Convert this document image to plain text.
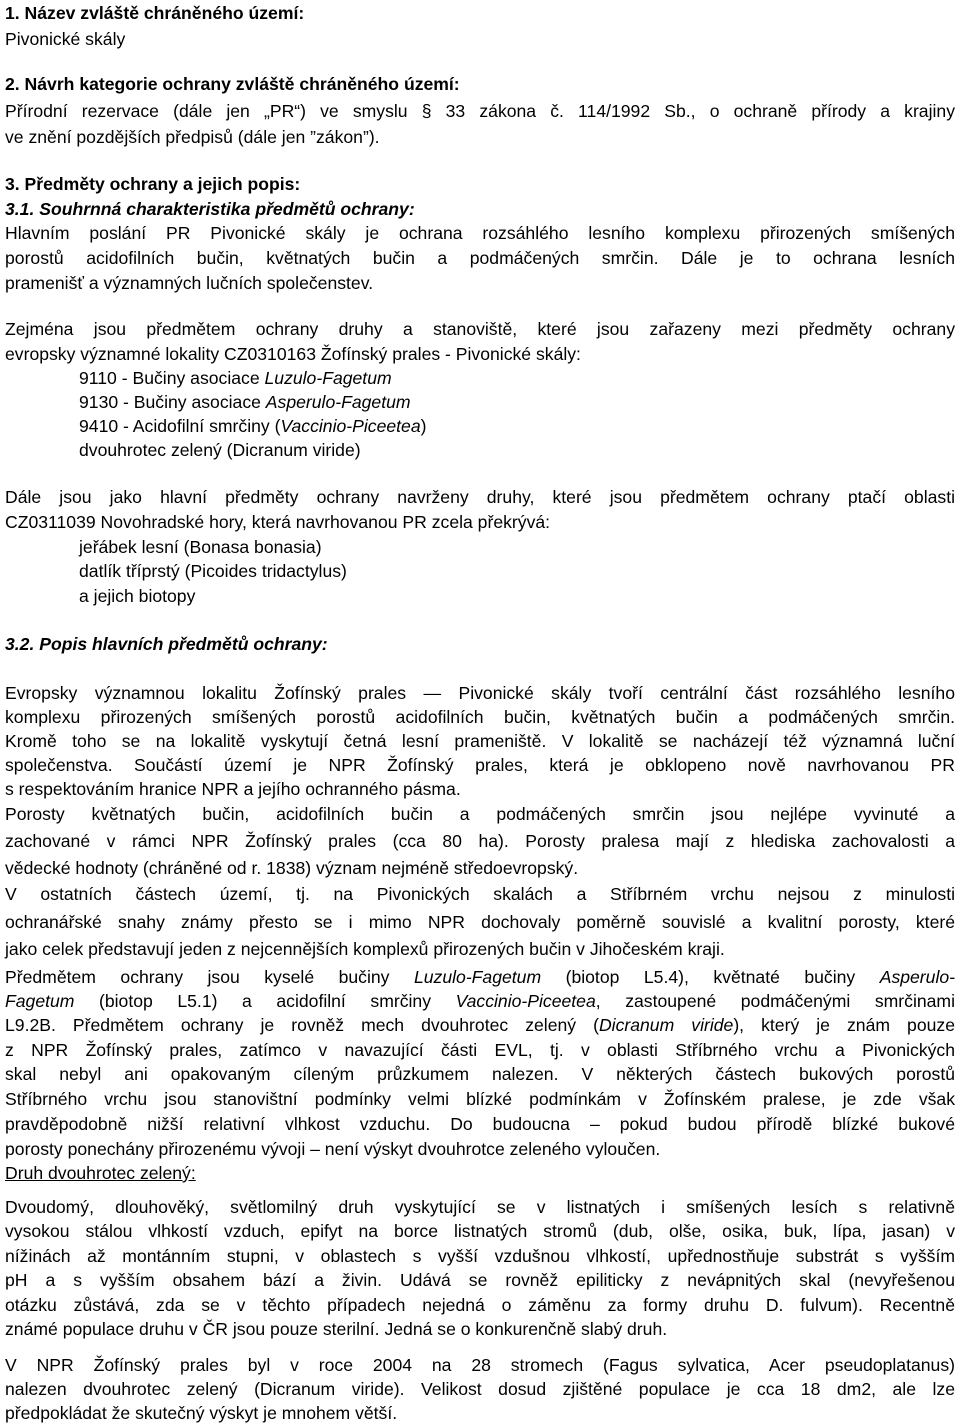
1. Název zvláště chráněného území:

Pivonické skály

2. Návrh kategorie ochrany zvláště chráněného území:

Přírodní rezervace (dále jen „PR“) ve smyslu § 33 zákona č. 114/1992 Sb., o ochraně přírody a krajiny

ve znění pozdějších předpisů (dále jen ”zákon”).

3. Předměty ochrany a jejich popis:

3.1. Souhrnná charakteristika předmětů ochrany:

Hlavním poslání PR Pivonické skály je ochrana rozsáhlého lesního komplexu přirozených smíšených

porostů acidofilních bučin, květnatých bučin a podmáčených smrčin. Dále je to ochrana lesních

pramenišť a významných lučních společenstev.

Zejména jsou předmětem ochrany druhy a stanoviště, které jsou zařazeny mezi předměty ochrany

evropsky významné lokality CZ0310163 Žofínský prales - Pivonické skály:

9110 - Bučiny asociace Luzulo-Fagetum

9130 - Bučiny asociace Asperulo-Fagetum

9410 - Acidofilní smrčiny (Vaccinio-Piceetea)

dvouhrotec zelený (Dicranum viride)

Dále jsou jako hlavní předměty ochrany navrženy druhy, které jsou předmětem ochrany ptačí oblasti

CZ0311039 Novohradské hory, která navrhovanou PR zcela překrývá:

jeřábek lesní (Bonasa bonasia)

datlík tříprstý (Picoides tridactylus)

a jejich biotopy

3.2. Popis hlavních předmětů ochrany:

Evropsky významnou lokalitu Žofínský prales — Pivonické skály tvoří centrální část rozsáhlého lesního

komplexu přirozených smíšených porostů acidofilních bučin, květnatých bučin a podmáčených smrčin.

Kromě toho se na lokalitě vyskytují četná lesní prameniště. V lokalitě se nacházejí též významná luční

společenstva. Součástí území je NPR Žofínský prales, která je obklopeno nově navrhovanou PR

s respektováním hranice NPR a jejího ochranného pásma.

Porosty květnatých bučin, acidofilních bučin a podmáčených smrčin jsou nejlépe vyvinuté a

zachované v rámci NPR Žofínský prales (cca 80 ha). Porosty pralesa mají z hlediska zachovalosti a

vědecké hodnoty (chráněné od r. 1838) význam nejméně středoevropský.

V ostatních částech území, tj. na Pivonických skalách a Stříbrném vrchu nejsou z minulosti

ochranářské snahy známy přesto se i mimo NPR dochovaly poměrně souvislé a kvalitní porosty, které

jako celek představují jeden z nejcennějších komplexů přirozených bučin v Jihočeském kraji.

Předmětem ochrany jsou kyselé bučiny Luzulo-Fagetum (biotop L5.4), květnaté bučiny Asperulo-

Fagetum (biotop L5.1) a acidofilní smrčiny Vaccinio-Piceetea, zastoupené podmáčenými smrčinami

L9.2B. Předmětem ochrany je rovněž mech dvouhrotec zelený (Dicranum viride), který je znám pouze

z NPR Žofínský prales, zatímco v navazující části EVL, tj. v oblasti Stříbrného vrchu a Pivonických

skal nebyl ani opakovaným cíleným průzkumem nalezen. V některých částech bukových porostů

Stříbrného vrchu jsou stanovištní podmínky velmi blízké podmínkám v Žofínském pralese, je zde však

pravděpodobně nižší relativní vlhkost vzduchu. Do budoucna – pokud budou přírodě blízké bukové

porosty ponechány přirozenému vývoji – není výskyt dvouhrotce zeleného vyloučen.

Druh dvouhrotec zelený:

Dvoudomý, dlouhověký, světlomilný druh vyskytující se v listnatých i smíšených lesích s relativně

vysokou stálou vlhkostí vzduch, epifyt na borce listnatých stromů (dub, olše, osika, buk, lípa, jasan) v

nížinách až montánním stupni, v oblastech s vyšší vzdušnou vlhkostí, upřednostňuje substrát s vyšším

pH a s vyšším obsahem bází a živin. Udává se rovněž epiliticky z nevápnitých skal (nevyřešenou

otázku zůstává, zda se v těchto případech nejedná o záměnu za formy druhu D. fulvum). Recentně

známé populace druhu v ČR jsou pouze sterilní. Jedná se o konkurenčně slabý druh.

V NPR Žofínský prales byl v roce 2004 na 28 stromech (Fagus sylvatica, Acer pseudoplatanus)

nalezen dvouhrotec zelený (Dicranum viride). Velikost dosud zjištěné populace je cca 18 dm2, ale lze

předpokládat že skutečný výskyt je mnohem větší.
